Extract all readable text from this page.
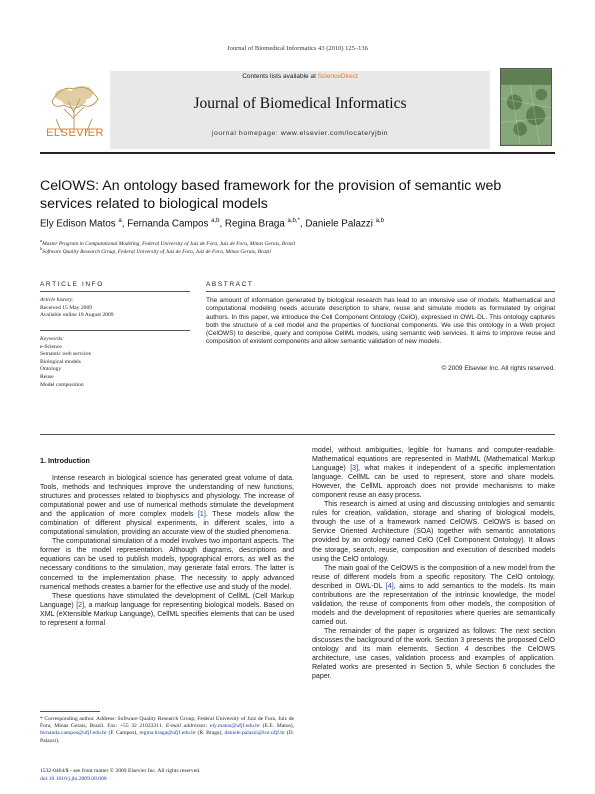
Journal of Biomedical Informatics 43 (2010) 125–136
ELSEVIER
Contents lists available at ScienceDirect
Journal of Biomedical Informatics
journal homepage: www.elsevier.com/locate/yjbin
CelOWS: An ontology based framework for the provision of semantic web services related to biological models
Ely Edison Matos $^a$, Fernanda Campos $^{a,b}$, Regina Braga $^{a,b,*}$, Daniele Palazzi $^{a,b}$
$^a$Master Program in Computational Modeling, Federal University of Juiz de Fora, Juiz de Fora, Minas Gerais, Brazil
$^b$Software Quality Research Group, Federal University of Juiz de Fora, Juiz de Fora, Minas Gerais, Brazil
ARTICLE INFO	ABSTRACT
Article history:
Received 15 May 2009
Available online 18 August 2009
Keywords:
e-Science
Semantic web services
Biological models
Ontology
Reuse
Model composition
The amount of information generated by biological research has lead to an intensive use of models. Mathematical and computational modeling needs accurate description to share, reuse and simulate models as formulated by original authors. In this paper, we introduce the Cell Component Ontology (CelO), expressed in OWL-DL. This ontology captures both the structure of a cell model and the properties of functional components. We use this ontology in a Web project (CelOWS) to describe, query and compose CellML models, using semantic web services. It aims to improve reuse and composition of existent components and allow semantic validation of new models.
© 2009 Elsevier Inc. All rights reserved.
1. Introduction

Intense research in biological science has generated great volume of data. Tools, methods and techniques improve the understanding of new functions, structures and processes related to biophysics and physiology. The increase of computational power and use of numerical methods stimulate the development and the application of more complex models [1]. These models allow the combination of different physical experiments, in different scales, into a computational simulation, providing an accurate view of the studied phenomena.

The computational simulation of a model involves two important aspects. The former is the model representation. Although diagrams, descriptions and equations can be used to publish models, typographical errors, as well as the necessary conditions to the simulation, may generate fatal errors. The latter is concerned to the implementation phase. The necessity to apply advanced numerical methods creates a barrier for the effective use and study of the model.

These questions have stimulated the development of CellML (Cell Markup Language) [2], a markup language for representing biological models. Based on XML (eXtensible Markup Language), CellML specifies elements that can be used to represent a formal

model, without ambiguities, legible for humans and computer-readable. Mathematical equations are represented in MathML (Mathematical Markup Language) [3], what makes it independent of a specific implementation language. CellML can be used to represent, store and share models. However, the CellML approach does not provide mechanisms to make component reuse an easy process.

This research is aimed at using and discussing ontologies and semantic rules for creation, validation, storage and sharing of biological models, through the use of a framework named CelOWS. CelOWS is based on Service Oriented Architecture (SOA) together with semantic annotations provided by an ontology named CelO (Cell Component Ontology). It allows the storage, search, reuse, composition and execution of described models using the CelO ontology.

The main goal of the CelOWS is the composition of a new model from the reuse of different models from a specific repository. The CelO ontology, described in OWL-DL [4], aims to add semantics to the models. Its main contributions are the representation of the intrinsic knowledge, the model validation, the reuse of components from other models, the composition of models and the development of repositories where queries are semantically carried out.

The remainder of the paper is organized as follows: The next section discusses the background of the work. Section 3 presents the proposed CelO ontology and its main elements. Section 4 describes the CelOWS architecture, use cases, validation process and examples of application. Related works are presented in Section 5, while Section 6 concludes the paper.

* Corresponding author. Address: Software Quality Research Group, Federal University of Juiz de Fora, Juiz de Fora, Minas Gerais, Brazil. Fax: +55 32 21023311. E-mail addresses: ely.matos@ufjf.edu.br (E.E. Matos), fernanda.campos@ufjf.edu.br (F. Campos), regina.braga@ufjf.edu.br (R. Braga), daniele.palazzi@ice.ufjf.br (D. Palazzi).
1532-0464/$ - see front matter © 2009 Elsevier Inc. All rights reserved.
doi:10.1016/j.jbi.2009.08.008
